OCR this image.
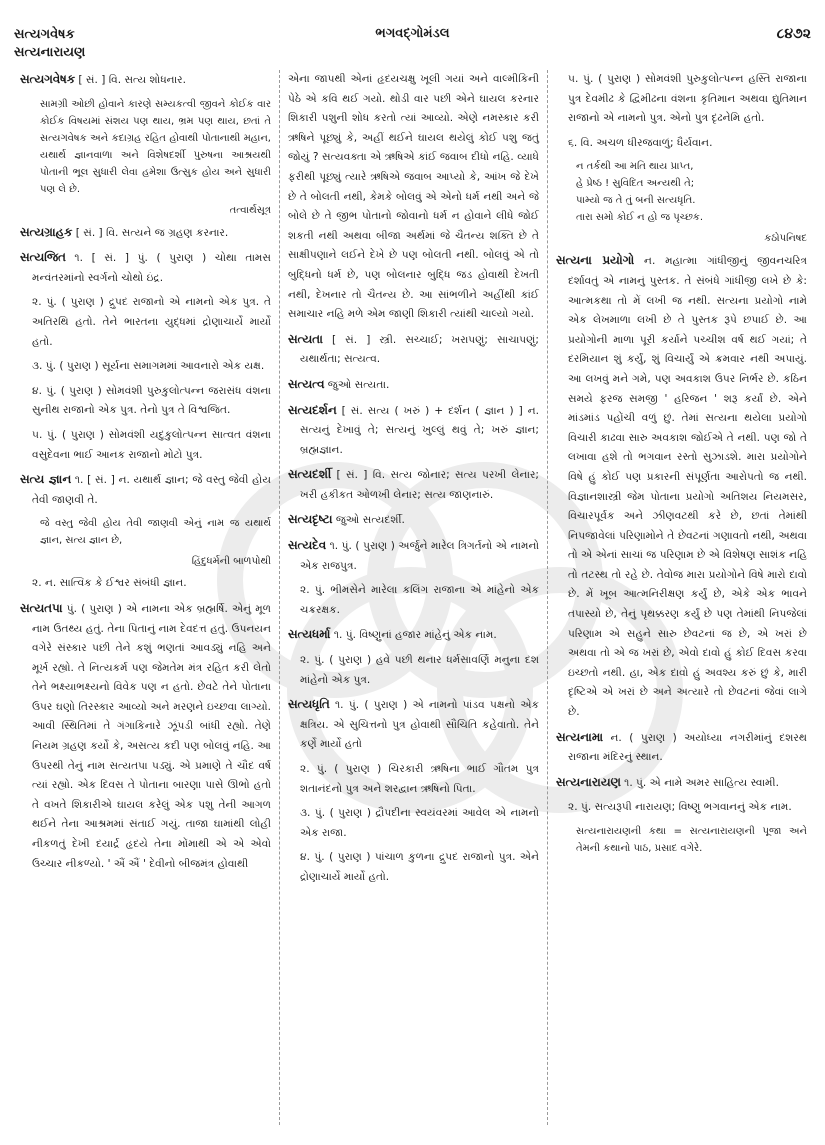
સત્યગવેષક
સત્યનારાયણ
ભગવદ્ગોમંડલ	૮૪૭૨
સત્યગવેષક [ સં. ] વિ. સત્ય શોધનાર.
સામગ્રી ઓછી હોવાને કારણે સમ્યકત્વી જીવને કોઈક વાર કોઈક વિષયમાં સંશય પણ થાય, ભ્રમ પણ થાય, છતાં તે સત્યગવેષક અને કદાગ્રહ રહિત હોવાથી પોતાનાથી મહાન, યથાર્થ જ્ઞાનવાળા અને વિશેષદર્શી પુરુષના આશ્રયથી પોતાની ભૂલ સુધારી લેવા હમેશા ઉત્સુક હોય અને સુધારી પણ લે છે.
તત્વાર્થસૂત્ર
સત્યગ્રાહક [ સં. ] વિ. સત્યને જ ગ્રહણ કરનાર.
સત્યજિત ૧. [ સં. ] પું. ( પુરાણ ) ચોથા તામસ મન્વંતરમાંનો સ્વર્ગનો ચોથો ઇંદ્ર.
૨. પું. ( પુરાણ ) દ્રુપદ રાજાનો એ નામનો એક પુત્ર. તે અતિરથિ હતો. તેને ભારતના યુદ્ધમાં દ્રોણાચાર્યે માર્યો હતો.
૩. પું. ( પુરાણ ) સૂર્યના સમાગમમાં આવનારો એક યક્ષ.
૪. પું. ( પુરાણ ) સોમવંશી પુરુકુલોત્પન્ન જરાસંધ વંશના સુનીથ રાજાનો એક પુત્ર. તેનો પુત્ર તે વિશ્વજિત.
૫. પું. ( પુરાણ ) સોમવંશી યદુકુલોત્પન્ન સાત્વત વંશના વસુદેવના ભાઈ આનક રાજાનો મોટો પુત્ર.
સત્ય જ્ઞાન ૧. [ સં. ] ન. યથાર્થ જ્ઞાન; જે વસ્તુ જેવી હોય તેવી જાણવી તે.
જે વસ્તુ જેવી હોય તેવી જાણવી એનું નામ જ યથાર્થ જ્ઞાન, સત્ય જ્ઞાન છે,
હિંદુધર્મની બાળપોથી
૨. ન. સાત્વિક કે ઈશ્વર સંબંધી જ્ઞાન.
સત્યતપા પું. ( પુરાણ ) એ નામના એક બ્રહ્મર્ષિ. એનું મૂળ નામ ઉતથ્ય હતું. તેના પિતાનું નામ દેવદત્ત હતું. ઉપનયન વગેરે સંસ્કાર પછી તેને કશું ભણતાં આવડ્યું નહિ અને મૂર્ખ રહ્યો. તે નિત્યકર્મ પણ જેમતેમ મંત્ર રહિત કરી લેતો તેને ભક્ષ્યાભક્ષ્યનો વિવેક પણ ન હતો. છેવટે તેને પોતાના ઉપર ઘણો તિરસ્કાર આવ્યો અને મરણને ઇચ્છવા લાગ્યો. આવી સ્થિતિમાં તે ગંગાકિનારે ઝૂંપડી બાંધી રહ્યો. તેણે નિયમ ગ્રહણ કર્યો કે, અસત્ય કદી પણ બોલવું નહિ. આ ઉપરથી તેનું નામ સત્યતપા પડ્યું. એ પ્રમાણે તે ચૌદ વર્ષ ત્યાં રહ્યો. એક દિવસ તે પોતાના બારણા પાસે ઊભો હતો તે વખતે શિકારીએ ઘાયલ કરેલું એક પશુ તેની આગળ થઈને તેના આશ્રમમાં સંતાઈ ગયું. તાજા ઘામાંથી લોહી નીકળતું દેખી દયાર્દ્ર હૃદયે તેના મોંમાથી એ એ એવો ઉચ્ચાર નીકળ્યો. ' ઐં ઐં ' દેવીનો બીજમંત્ર હોવાથી
એના જાપથી એનાં હૃદયચક્ષુ ખૂલી ગયાં અને વાલ્મીકિની પેઠે એ કવિ થઈ ગયો. થોડી વાર પછી એને ઘાયલ કરનાર શિકારી પશુની શોધ કરતો ત્યાં આવ્યો. એણે નમસ્કાર કરી ઋષિને પૂછ્યું કે, અહીં થઈને ઘાયલ થયેલું કોઈ પશુ જતું જોયું ? સત્યવક્તા એ ઋષિએ કાંઈ જવાબ દીધો નહિ. વ્યાધે ફરીથી પૂછ્યું ત્યારે ઋષિએ જવાબ આપ્યો કે, આંખ જે દેખે છે તે બોલતી નથી, કેમકે બોલવું એ એનો ધર્મ નથી અને જે બોલે છે તે જીભ પોતાનો જોવાનો ધર્મ ન હોવાને લીધે જોઈ શકતી નથી અથવા બીજા અર્થમાં જે ચૈતન્ય શક્તિ છે તે સાક્ષીપણાને લઈને દેખે છે પણ બોલતી નથી. બોલવું એ તો બુદ્ધિનો ધર્મ છે, પણ બોલનાર બુદ્ધિ જડ હોવાથી દેખતી નથી, દેખનાર તો ચૈતન્ય છે. આ સાંભળીને અહીંથી કાંઈ સમાચાર નહિ મળે એમ જાણી શિકારી ત્યાંથી ચાલ્યો ગયો.
સત્યતા [ સં. ] સ્ત્રી. સચ્ચાઈ; ખરાપણું; સાચાપણું; યથાર્થતા; સત્યત્વ.
સત્યત્વ જુઓ સત્યતા.
સત્યદર્શન [ સં. સત્ય ( ખરું ) + દર્શન ( જ્ઞાન ) ] ન. સત્યનું દેખાવું તે; સત્યનું ખુલ્લું થવું તે; ખરું જ્ઞાન; બ્રહ્મજ્ઞાન.
સત્યદર્શી [ સં. ] વિ. સત્ય જોનાર; સત્ય પરખી લેનાર; ખરી હકીકત ઓળખી લેનાર; સત્ય જાણનારું.
સત્યદૃષ્ટા જુઓ સત્યદર્શી.
સત્યદેવ ૧. પું. ( પુરાણ ) અર્જુને મારેલ ત્રિગર્તનો એ નામનો એક રાજપુત્ર.
૨. પું. ભીમસેને મારેલા કલિંગ રાજાના એ માંહેનો એક ચક્રરક્ષક.
સત્યધર્મા ૧. પું. વિષ્ણુનાં હજાર માંહેનું એક નામ.
૨. પું. ( પુરાણ ) હવે પછી થનાર ધર્મસાવર્ણિ મનુના દશ માંહેનો એક પુત્ર.
સત્યધૃતિ ૧. પું. ( પુરાણ ) એ નામનો પાંડવ પક્ષનો એક ક્ષત્રિય. એ સુચિત્તનો પુત્ર હોવાથી સૌચિતિ કહેવાતો. તેને કર્ણે માર્યો હતો
૨. પું. ( પુરાણ ) ચિરકારી ઋષિના ભાઈ ગૌતમ પુત્ર શતાનંદનો પુત્ર અને શરદ્વાન ઋષિનો પિતા.
૩. પું. ( પુરાણ ) દ્રૌપદીના સ્વયંવરમાં આવેલ એ નામનો એક રાજા.
૪. પું. ( પુરાણ ) પાંચાળ કુળના દ્રુપદ રાજાનો પુત્ર. એને દ્રોણાચાર્યે માર્યો હતો.
૫. પું. ( પુરાણ ) સોમવંશી પુરુકુલોત્પન્ન હસ્તિ રાજાના પુત્ર દેવમીઢ કે દ્વિમીઢના વંશના કૃતિમાન અથવા દ્યુતિમાન રાજાનો એ નામનો પુત્ર. એનો પુત્ર દૃઢનેમિ હતો.
૬. વિ. અચળ ધીરજવાળું; ધૈર્યવાન.
ન તર્કથી આ મતિ થાય પ્રાપ્ત,
હે પ્રેષ્ઠ ! સુવિદિત અન્યથી તે;
પામ્યો જ તે તું બની સત્યધૃતિ.
તારા સમો કોઈ ન હો જ પૃચ્છક.
કઠોપનિષદ
સત્યના પ્રયોગો ન. મહાત્મા ગાંધીજીનું જીવનચરિત્ર દર્શાવતું એ નામનું પુસ્તક. તે સંબંધે ગાંધીજી લખે છે કે: આત્મકથા તો મેં લખી જ નથી. સત્યના પ્રયોગો નામે એક લેખમાળા લખી છે તે પુસ્તક રૂપે છપાઈ છે. આ પ્રયોગોની માળા પૂરી કર્યાને પચ્ચીશ વર્ષ થઈ ગયાં; તે દરમિયાન શું કર્યું, શું વિચાર્યું એ ક્રમવાર નથી અપાયું. આ લખવું મને ગમે, પણ અવકાશ ઉપર નિર્ભર છે. કઠિન સમયે ફરજ સમજી ' હરિજન ' શરૂ કર્યાં છે. એને માંડમાંડ પહોંચી વળું છું. તેમાં સત્યના થયેલા પ્રયોગો વિચારી કાઢવા સારુ અવકાશ જોઈએ તે નથી. પણ જો તે લખાવા હશે તો ભગવાન રસ્તો સુઝાડશે. મારા પ્રયોગોને વિષે હું કોઈ પણ પ્રકારની સંપૂર્ણતા આરોપતો જ નથી. વિજ્ઞાનશાસ્ત્રી જેમ પોતાના પ્રયોગો અતિશય નિયમસર, વિચારપૂર્વક અને ઝીણવટથી કરે છે, છતાં તેમાંથી નિપજાવેલાં પરિણામોને તે છેવટનાં ગણાવતો નથી, અથવા તો એ એનાં સાચાં જ પરિણામ છે એ વિશેષણ સાશંક નહિ તો તટસ્થ તો રહે છે. તેવોજ મારા પ્રયોગોને વિષે મારો દાવો છે. મેં ખૂબ આત્મનિરીક્ષણ કર્યું છે, એકે એક ભાવને તપાસ્યો છે, તેનું પૃથક્કરણ કર્યું છે પણ તેમાંથી નિપજેલાં પરિણામ એ સહુને સારુ છેવટનાં જ છે, એ ખરાં છે અથવા તો એ જ ખરાં છે, એવો દાવો હું કોઈ દિવસ કરવા ઇચ્છતો નથી. હા, એક દાવો હું અવશ્ય કરું છું કે, મારી દૃષ્ટિએ એ ખરાં છે અને અત્યારે તો છેવટનાં જેવાં લાગે છે.
સત્યનામા ન. ( પુરાણ ) અયોધ્યા નગરીમાંનું દશરથ રાજાના મંદિરનું સ્થાન.
સત્યનારાયણ ૧. પું. એ નામે અમર સાહિત્ય સ્વામી.
૨. પું. સત્યરૂપી નારાયણ; વિષ્ણુ ભગવાનનું એક નામ.
સત્યનારાયણની કથા = સત્યનારાયણની પૂજા અને તેમની કથાનો પાઠ, પ્રસાદ વગેરે.
